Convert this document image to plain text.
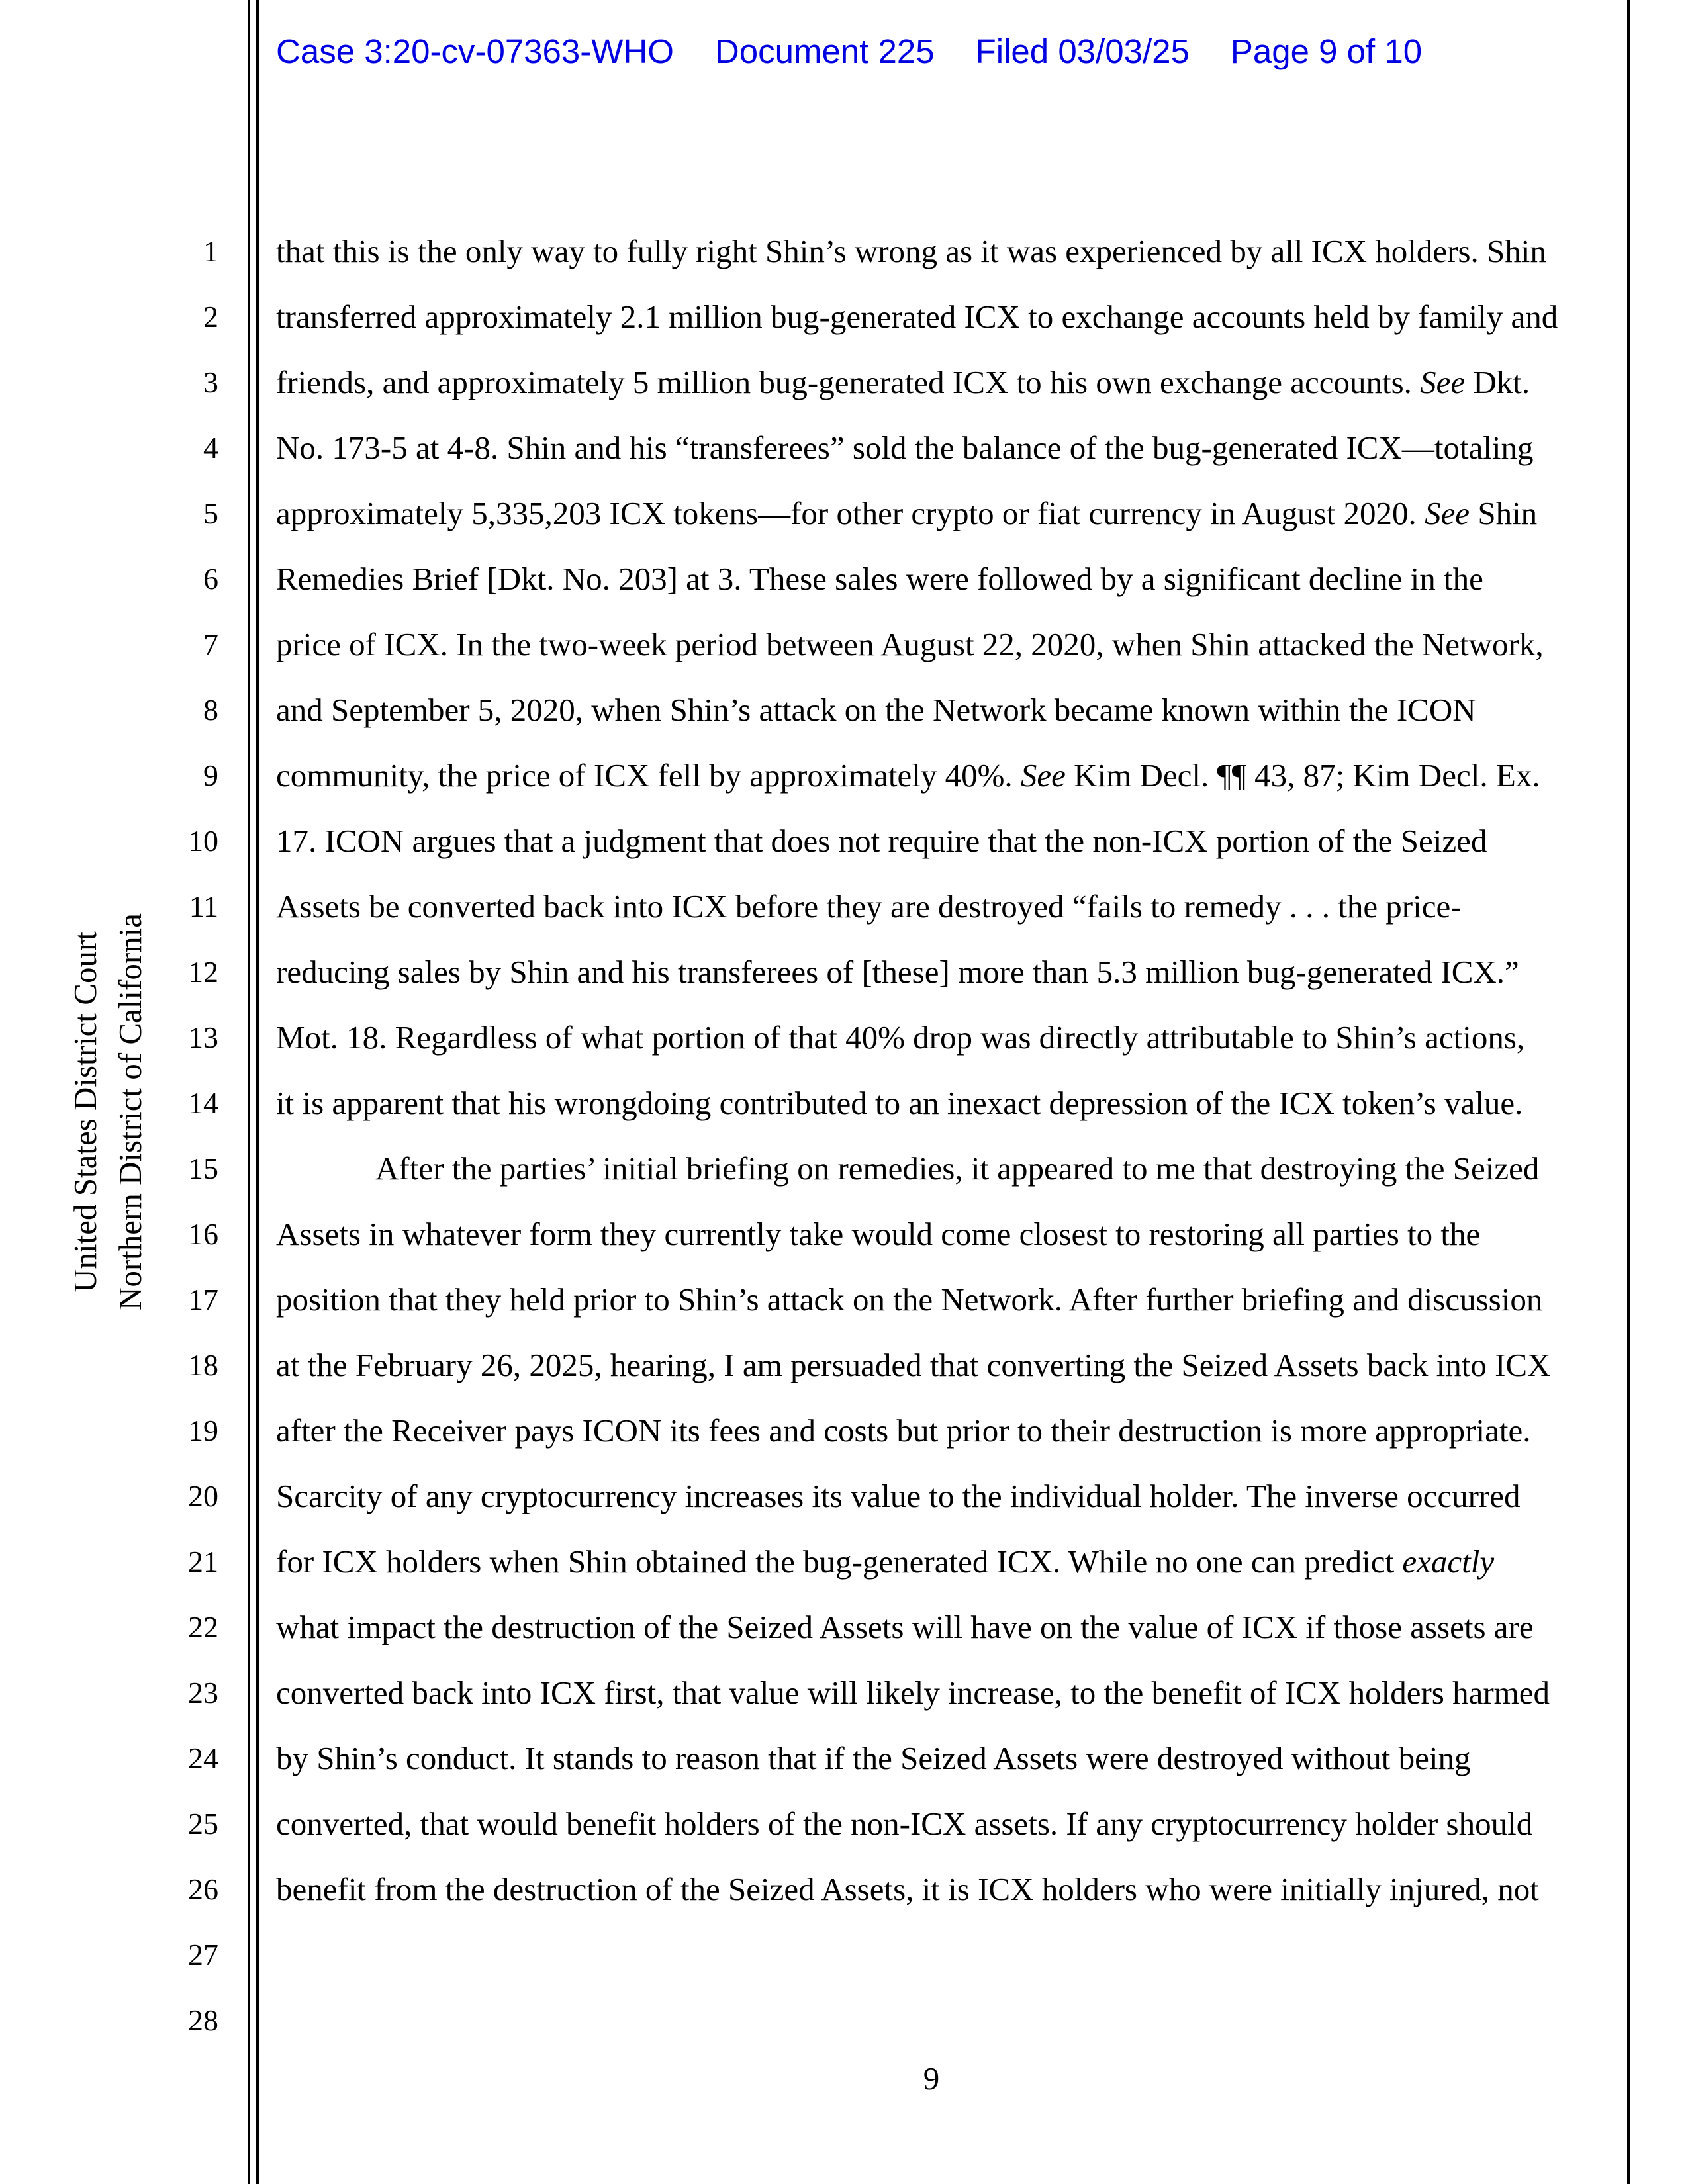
Case 3:20-cv-07363-WHO Document 225 Filed 03/03/25 Page 9 of 10
United States District Court Northern District of California
1
2
3
4
5
6
7
8
9
10
11
12
13
14
15
16
17
18
19
20
21
22
23
24
25
26
27
28
that this is the only way to fully right Shin’s wrong as it was experienced by all ICX holders. Shin
transferred approximately 2.1 million bug-generated ICX to exchange accounts held by family and
friends, and approximately 5 million bug-generated ICX to his own exchange accounts. See Dkt.
No. 173-5 at 4-8. Shin and his “transferees” sold the balance of the bug-generated ICX—totaling
approximately 5,335,203 ICX tokens—for other crypto or fiat currency in August 2020. See Shin
Remedies Brief [Dkt. No. 203] at 3. These sales were followed by a significant decline in the
price of ICX. In the two-week period between August 22, 2020, when Shin attacked the Network,
and September 5, 2020, when Shin’s attack on the Network became known within the ICON
community, the price of ICX fell by approximately 40%. See Kim Decl. ¶¶ 43, 87; Kim Decl. Ex.
17. ICON argues that a judgment that does not require that the non-ICX portion of the Seized
Assets be converted back into ICX before they are destroyed “fails to remedy . . . the price-
reducing sales by Shin and his transferees of [these] more than 5.3 million bug-generated ICX.”
Mot. 18. Regardless of what portion of that 40% drop was directly attributable to Shin’s actions,
it is apparent that his wrongdoing contributed to an inexact depression of the ICX token’s value.
After the parties’ initial briefing on remedies, it appeared to me that destroying the Seized
Assets in whatever form they currently take would come closest to restoring all parties to the
position that they held prior to Shin’s attack on the Network. After further briefing and discussion
at the February 26, 2025, hearing, I am persuaded that converting the Seized Assets back into ICX
after the Receiver pays ICON its fees and costs but prior to their destruction is more appropriate.
Scarcity of any cryptocurrency increases its value to the individual holder. The inverse occurred
for ICX holders when Shin obtained the bug-generated ICX. While no one can predict exactly
what impact the destruction of the Seized Assets will have on the value of ICX if those assets are
converted back into ICX first, that value will likely increase, to the benefit of ICX holders harmed
by Shin’s conduct. It stands to reason that if the Seized Assets were destroyed without being
converted, that would benefit holders of the non-ICX assets. If any cryptocurrency holder should
benefit from the destruction of the Seized Assets, it is ICX holders who were initially injured, not
9
